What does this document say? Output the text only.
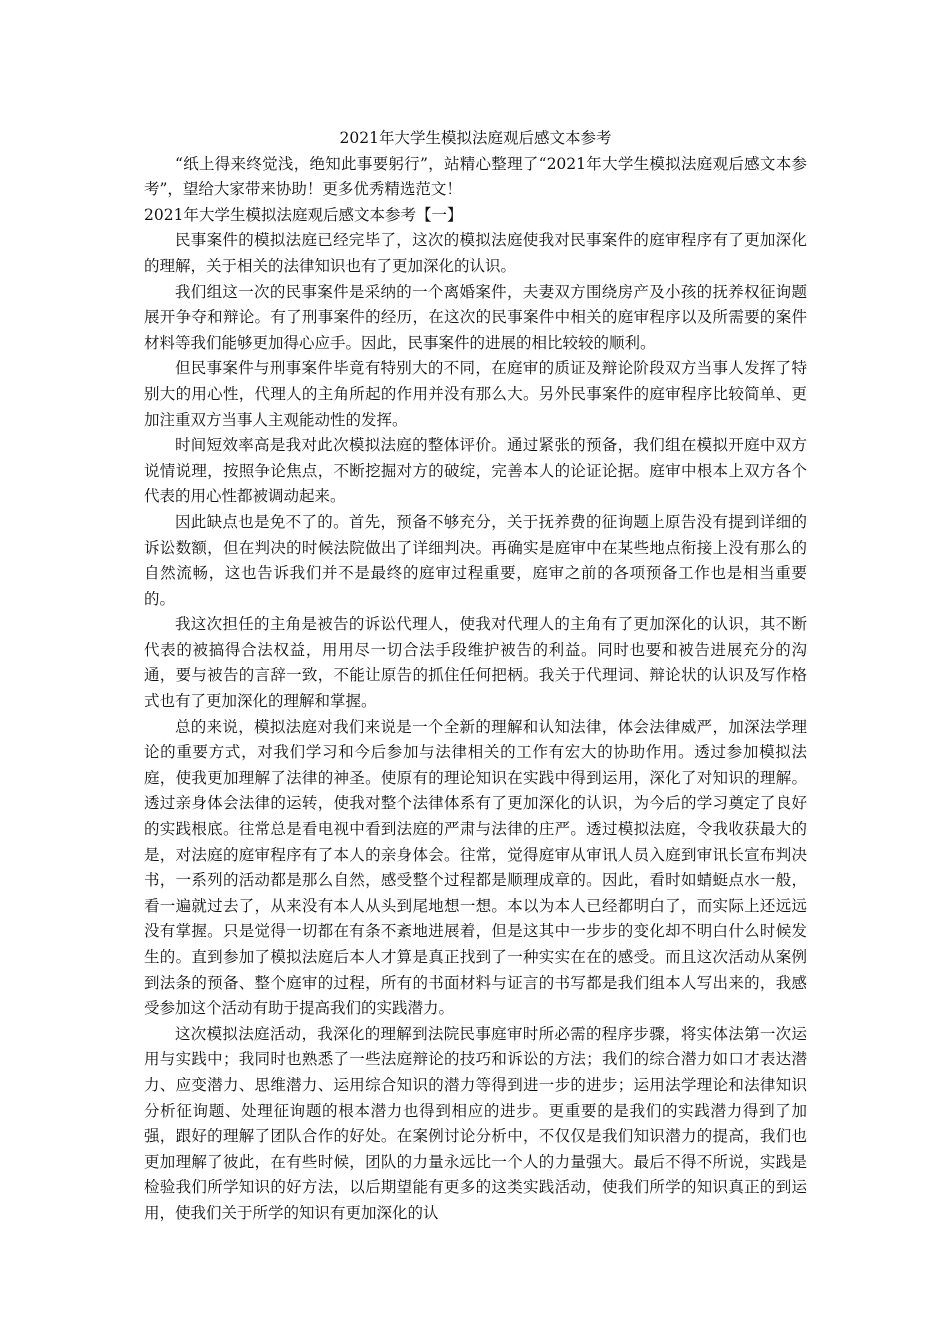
2021年大学生模拟法庭观后感文本参考

“纸上得来终觉浅，绝知此事要躬行”，站精心整理了“2021年大学生模拟法庭观后感文本参考”，望给大家带来协助！更多优秀精选范文！

2021年大学生模拟法庭观后感文本参考【一】

民事案件的模拟法庭已经完毕了，这次的模拟法庭使我对民事案件的庭审程序有了更加深化的理解，关于相关的法律知识也有了更加深化的认识。

我们组这一次的民事案件是采纳的一个离婚案件，夫妻双方围绕房产及小孩的抚养权征询题展开争夺和辩论。有了刑事案件的经历，在这次的民事案件中相关的庭审程序以及所需要的案件材料等我们能够更加得心应手。因此，民事案件的进展的相比较较的顺利。

但民事案件与刑事案件毕竟有特别大的不同，在庭审的质证及辩论阶段双方当事人发挥了特别大的用心性，代理人的主角所起的作用并没有那么大。另外民事案件的庭审程序比较简单、更加注重双方当事人主观能动性的发挥。

时间短效率高是我对此次模拟法庭的整体评价。通过紧张的预备，我们组在模拟开庭中双方说情说理，按照争论焦点，不断挖掘对方的破绽，完善本人的论证论据。庭审中根本上双方各个代表的用心性都被调动起来。

因此缺点也是免不了的。首先，预备不够充分，关于抚养费的征询题上原告没有提到详细的诉讼数额，但在判决的时候法院做出了详细判决。再确实是庭审中在某些地点衔接上没有那么的自然流畅，这也告诉我们并不是最终的庭审过程重要，庭审之前的各项预备工作也是相当重要的。

我这次担任的主角是被告的诉讼代理人，使我对代理人的主角有了更加深化的认识，其不断代表的被搞得合法权益，用用尽一切合法手段维护被告的利益。同时也要和被告进展充分的沟通，要与被告的言辞一致，不能让原告的抓住任何把柄。我关于代理词、辩论状的认识及写作格式也有了更加深化的理解和掌握。

总的来说，模拟法庭对我们来说是一个全新的理解和认知法律，体会法律威严，加深法学理论的重要方式，对我们学习和今后参加与法律相关的工作有宏大的协助作用。透过参加模拟法庭，使我更加理解了法律的神圣。使原有的理论知识在实践中得到运用，深化了对知识的理解。透过亲身体会法律的运转，使我对整个法律体系有了更加深化的认识，为今后的学习奠定了良好的实践根底。往常总是看电视中看到法庭的严肃与法律的庄严。透过模拟法庭，令我收获最大的是，对法庭的庭审程序有了本人的亲身体会。往常，觉得庭审从审讯人员入庭到审讯长宣布判决书，一系列的活动都是那么自然，感受整个过程都是顺理成章的。因此，看时如蜻蜓点水一般，看一遍就过去了，从来没有本人从头到尾地想一想。本以为本人已经都明白了，而实际上还远远没有掌握。只是觉得一切都在有条不紊地进展着，但是这其中一步步的变化却不明白什么时候发生的。直到参加了模拟法庭后本人才算是真正找到了一种实实在在的感受。而且这次活动从案例到法条的预备、整个庭审的过程，所有的书面材料与证言的书写都是我们组本人写出来的，我感受参加这个活动有助于提高我们的实践潜力。

这次模拟法庭活动，我深化的理解到法院民事庭审时所必需的程序步骤，将实体法第一次运用与实践中；我同时也熟悉了一些法庭辩论的技巧和诉讼的方法；我们的综合潜力如口才表达潜力、应变潜力、思维潜力、运用综合知识的潜力等得到进一步的进步；运用法学理论和法律知识分析征询题、处理征询题的根本潜力也得到相应的进步。更重要的是我们的实践潜力得到了加强，跟好的理解了团队合作的好处。在案例讨论分析中，不仅仅是我们知识潜力的提高，我们也更加理解了彼此，在有些时候，团队的力量永远比一个人的力量强大。最后不得不所说，实践是检验我们所学知识的好方法，以后期望能有更多的这类实践活动，使我们所学的知识真正的到运用，使我们关于所学的知识有更加深化的认
